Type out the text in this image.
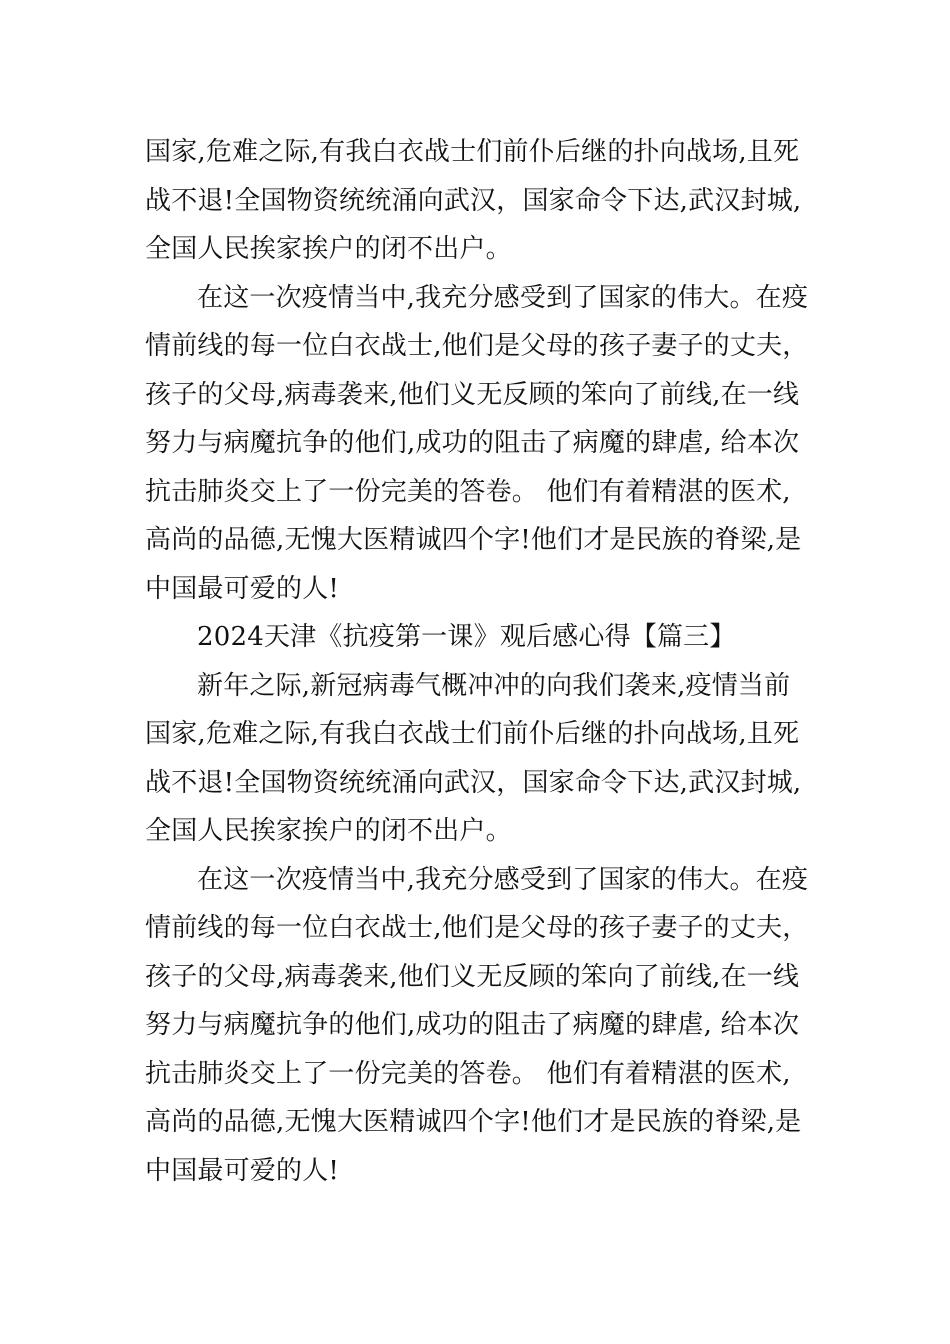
国家,危难之际,有我白衣战士们前仆后继的扑向战场,且死
战不退!全国物资统统涌向武汉，国家命令下达,武汉封城,
全国人民挨家挨户的闭不出户。
在这一次疫情当中,我充分感受到了国家的伟大。在疫
情前线的每一位白衣战士,他们是父母的孩子妻子的丈夫，
孩子的父母,病毒袭来,他们义无反顾的笨向了前线,在一线
努力与病魔抗争的他们,成功的阻击了病魔的肆虐, 给本次
抗击肺炎交上了一份完美的答卷。 他们有着精湛的医术,
高尚的品德,无愧大医精诚四个字!他们才是民族的脊梁,是
中国最可爱的人!
2024天津《抗疫第一课》观后感心得【篇三】
新年之际,新冠病毒气概冲冲的向我们袭来,疫情当前
国家,危难之际,有我白衣战士们前仆后继的扑向战场,且死
战不退!全国物资统统涌向武汉，国家命令下达,武汉封城,
全国人民挨家挨户的闭不出户。
在这一次疫情当中,我充分感受到了国家的伟大。在疫
情前线的每一位白衣战士,他们是父母的孩子妻子的丈夫，
孩子的父母,病毒袭来,他们义无反顾的笨向了前线,在一线
努力与病魔抗争的他们,成功的阻击了病魔的肆虐, 给本次
抗击肺炎交上了一份完美的答卷。 他们有着精湛的医术,
高尚的品德,无愧大医精诚四个字!他们才是民族的脊梁,是
中国最可爱的人!
